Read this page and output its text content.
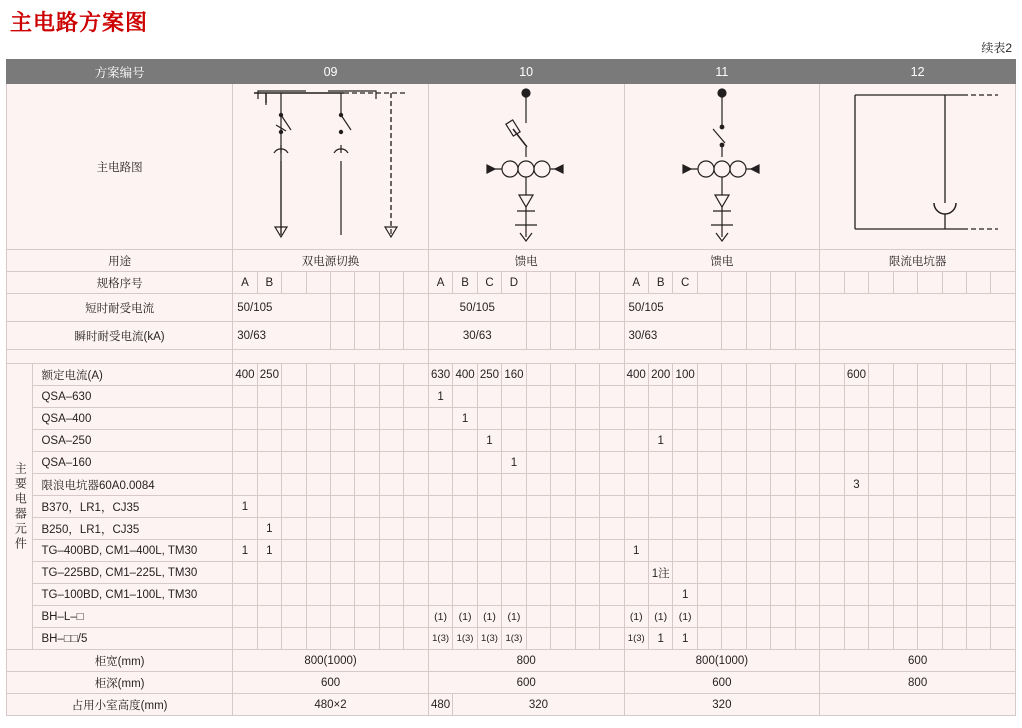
主电路方案图
续表2
方案编号		09								10								11								12							
主电路图	

用途		双电源切换								馈电								馈电								限流电坑器							
规格序号		A	B							A	B	C	D					A	B	C													
短时耐受电流		50/105								50/105								50/105															
瞬时耐受电流(kA)		30/63								30/63								30/63															

主要电器元件	额定电流(A)	400	250							630	400	250	160					400	200	100							600						
	QSA–630									1																							
	QSA–400										1																						
	OSA–250											1							1														
	QSA–160												1																				
	限浪电坑器60A0.0084																										3						
	B370，LR1，CJ35	1																															
	B250，LR1，CJ35		1																														
	TG–400BD, CM1–400L, TM30	1	1															1															
	TG–225BD, CM1–225L, TM30																		1注														
	TG–100BD, CM1–100L, TM30																			1													
	BH–L–□									(1)	(1)	(1)	(1)					(1)	(1)	(1)													
	BH–□□/5									1(3)	1(3)	1(3)	1(3)					1(3)	1	1													
柜宽(mm)		800(1000)								800								800(1000)								600							
柜深(mm)		600								600								600								800							
占用小室高度(mm)		480×2								480	320							320															
